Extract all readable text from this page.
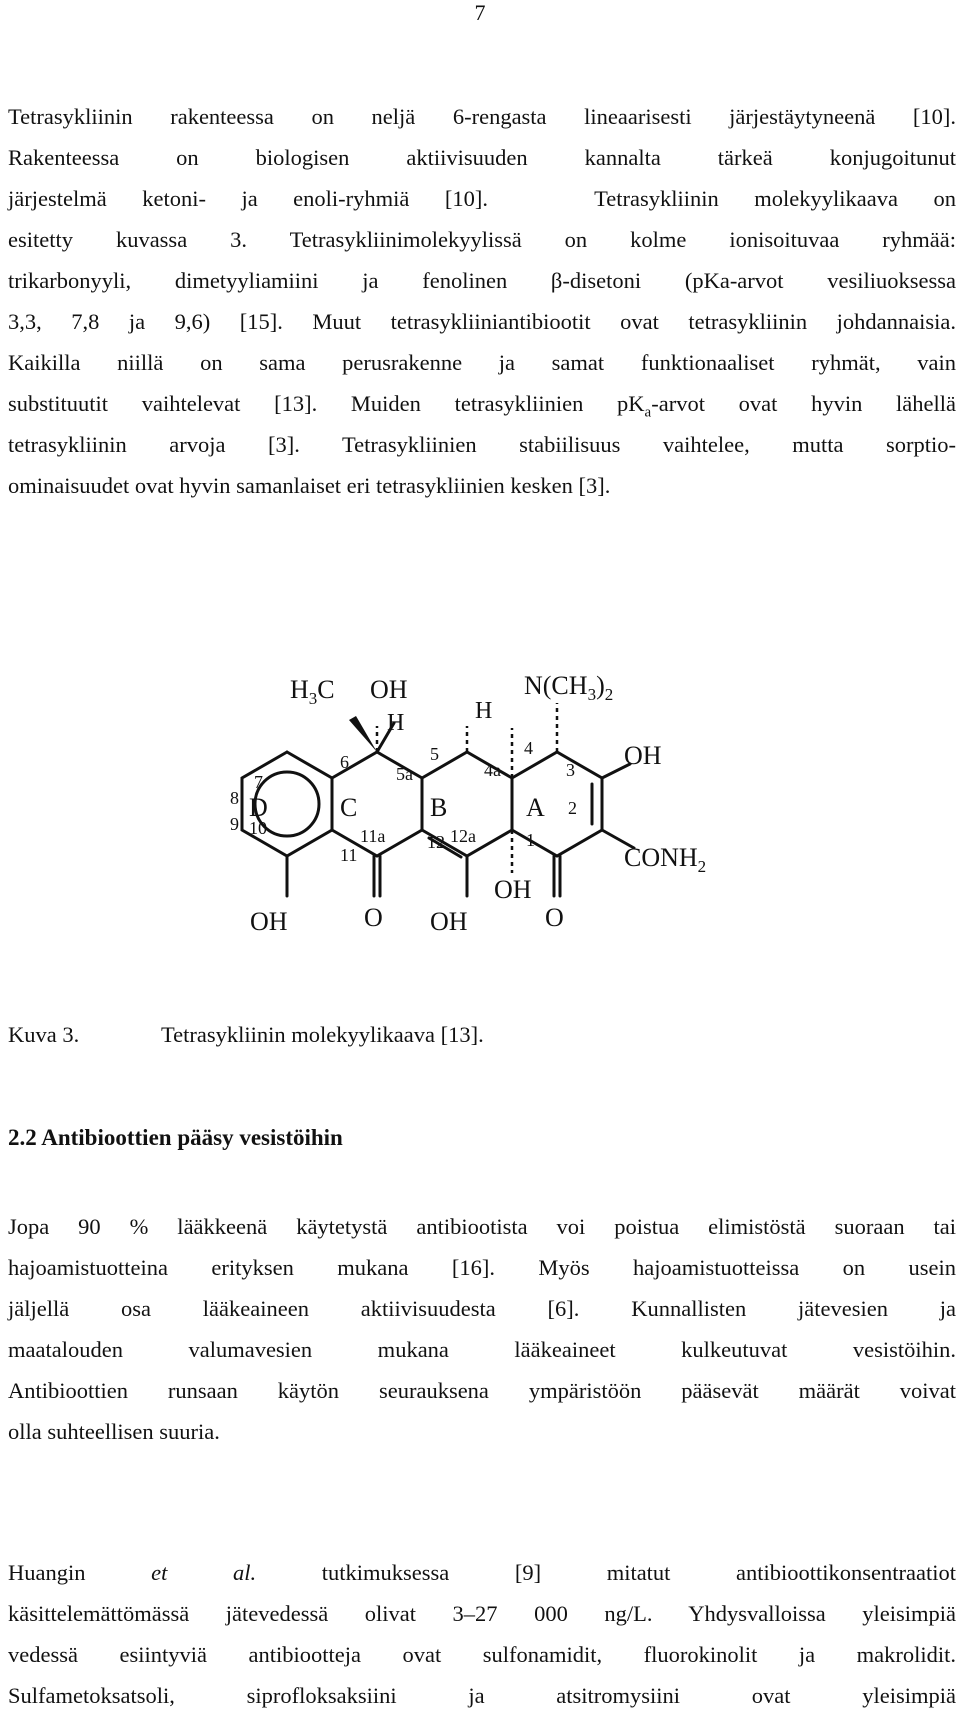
7
Tetrasykliinin rakenteessa on neljä 6-rengasta lineaarisesti järjestäytyneenä [10].
Rakenteessa on biologisen aktiivisuuden kannalta tärkeä konjugoitunut
järjestelmä ketoni- ja enoli-ryhmiä [10].   Tetrasykliinin molekyylikaava on
esitetty kuvassa 3. Tetrasykliinimolekyylissä on kolme ionisoituvaa ryhmää:
trikarbonyyli, dimetyyliamiini ja fenolinen β-disetoni (pKa-arvot vesiliuoksessa
3,3, 7,8 ja 9,6) [15]. Muut tetrasykliiniantibiootit ovat tetrasykliinin johdannaisia.
Kaikilla niillä on sama perusrakenne ja samat funktionaaliset ryhmät, vain
substituutit vaihtelevat [13]. Muiden tetrasykliinien $pK_a$-arvot ovat hyvin lähellä
tetrasykliinin arvoja [3]. Tetrasykliinien stabiilisuus vaihtelee, mutta sorptio-
ominaisuudet ovat hyvin samanlaiset eri tetrasykliinien kesken [3].
$H_3C$ OH
H	H
$N(CH_3)_2$
OH
$CONH_2$
OH	O OH
OH
O
D	C	B	A
7
8
9 10
11
11a 12 12a
6
5a
5
4a
4
3
2
1
Kuva 3.	Tetrasykliinin molekyylikaava [13].
2.2 Antibioottien pääsy vesistöihin
Jopa 90 % lääkkeenä käytetystä antibiootista voi poistua elimistöstä suoraan tai
hajoamistuotteina erityksen mukana [16]. Myös hajoamistuotteissa on usein
jäljellä osa lääkeaineen aktiivisuudesta [6]. Kunnallisten jätevesien ja
maatalouden valumavesien mukana lääkeaineet kulkeutuvat vesistöihin.
Antibioottien runsaan käytön seurauksena ympäristöön pääsevät määrät voivat
olla suhteellisen suuria.
Huangin	et al.	tutkimuksessa [9] mitatut antibioottikonsentraatiot
käsittelemättömässä jätevedessä olivat 3–27 000 ng/L. Yhdysvalloissa yleisimpiä
vedessä esiintyviä antibiootteja ovat sulfonamidit, fluorokinolit ja makrolidit.
Sulfametoksatsoli, siprofloksaksiini ja atsitromysiini ovat yleisimpiä
